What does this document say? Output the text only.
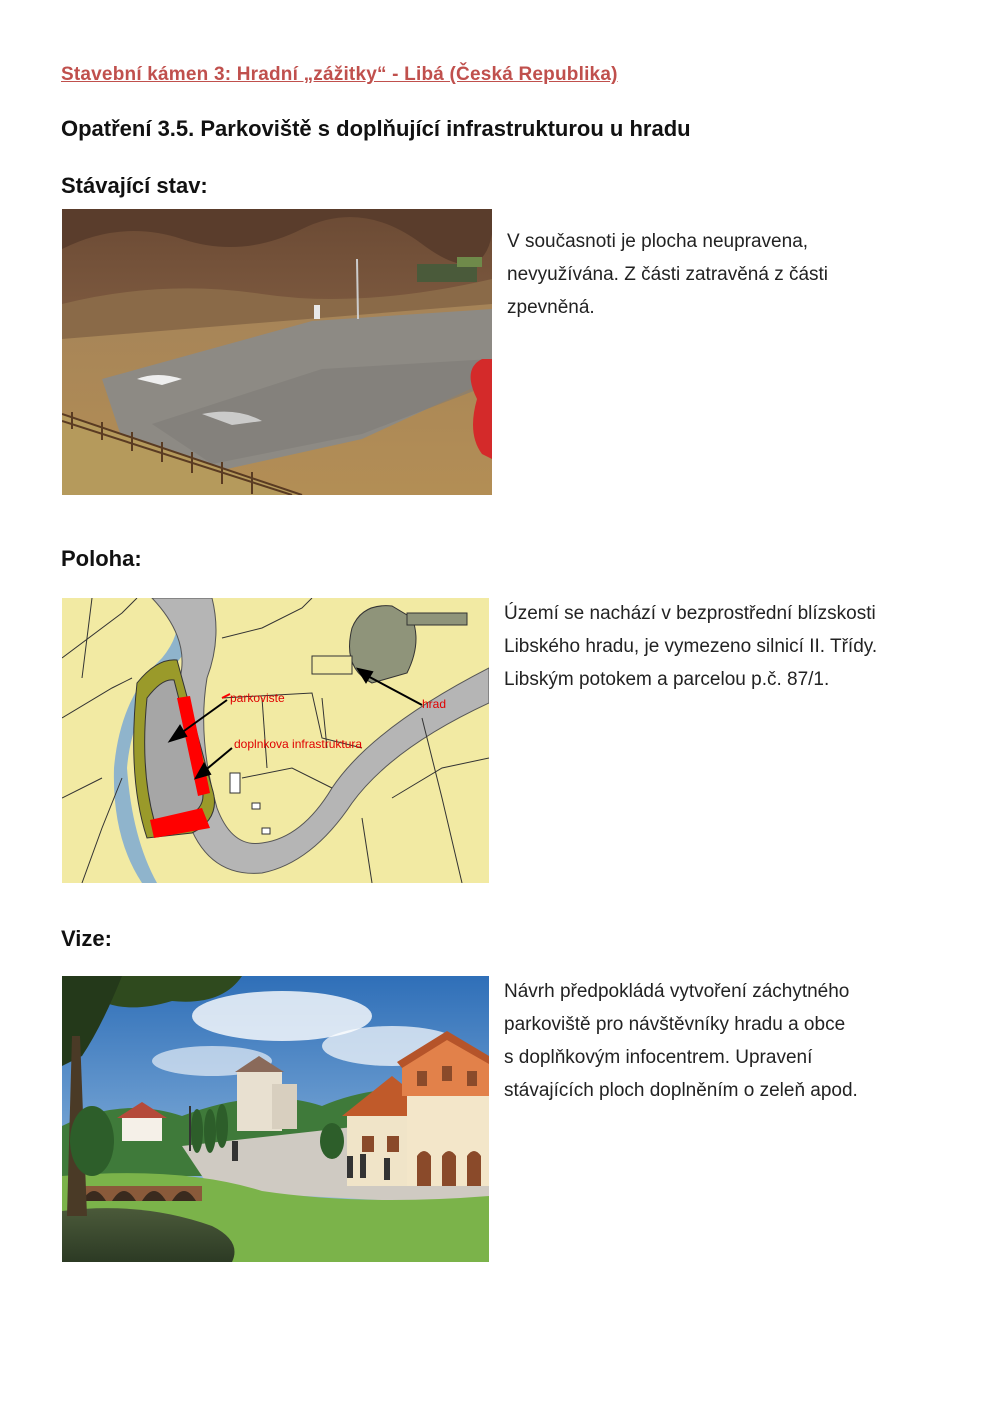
Stavební kámen 3: Hradní „zážitky“ - Libá (Česká Republika)
Opatření 3.5. Parkoviště s doplňující infrastrukturou u hradu
Stávající stav:
V současnoti je plocha neupravena,
nevyužívána. Z části zatravěná z části
zpevněná.
Poloha:
parkoviste
doplnkova infrastruktura
hrad
Území se nachází v bezprostřední blízskosti
Libského hradu, je vymezeno silnicí II. Třídy.
Libským potokem a parcelou p.č. 87/1.
Vize:
Návrh předpokládá vytvoření záchytného
parkoviště pro návštěvníky hradu a obce
s doplňkovým infocentrem. Upravení
stávajících ploch doplněním o zeleň apod.
